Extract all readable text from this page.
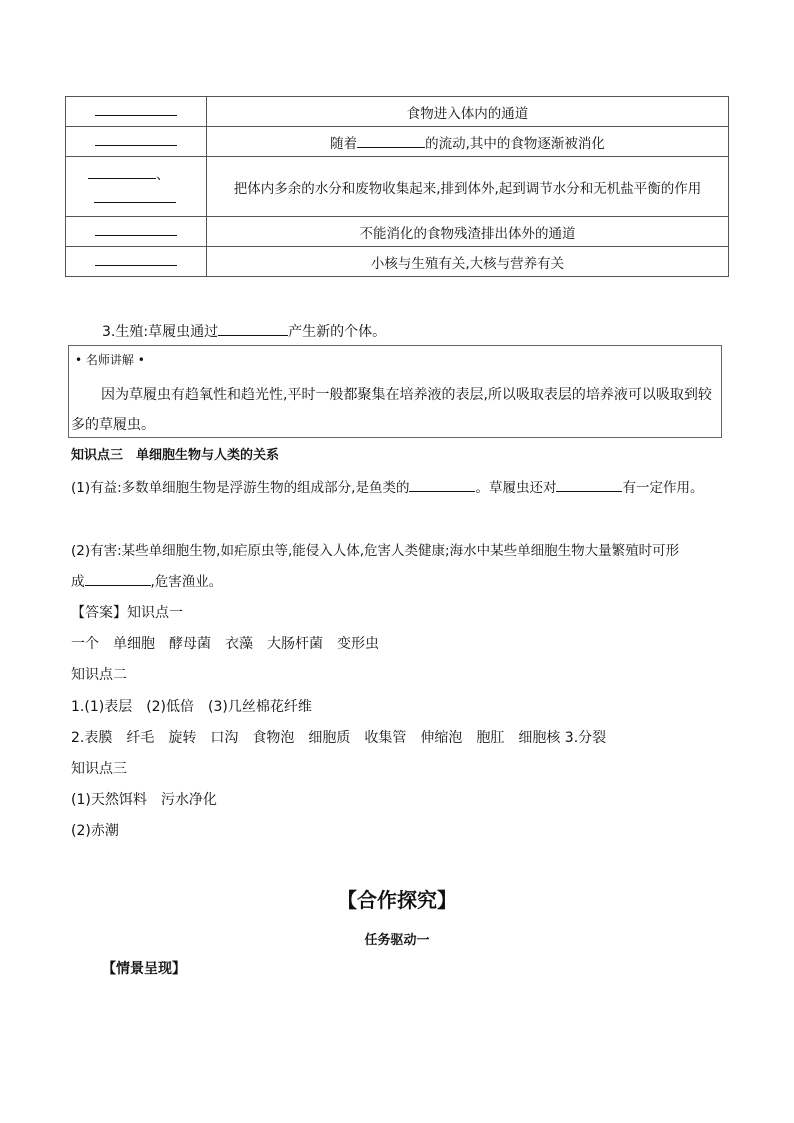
	食物进入体内的通道
	随着 的流动,其中的食物逐渐被消化
、	把体内多余的水分和废物收集起来,排到体外,起到调节水分和无机盐平衡的作用
	不能消化的食物残渣排出体外的通道
	小核与生殖有关,大核与营养有关
3.生殖:草履虫通过	产生新的个体。
• 名师讲解 •
因为草履虫有趋氧性和趋光性,平时一般都聚集在培养液的表层,所以吸取表层的培养液可以吸取到较
多的草履虫。
知识点三　单细胞生物与人类的关系
(1)有益:多数单细胞生物是浮游生物的组成部分,是鱼类的	。草履虫还对	有一定作用。
(2)有害:某些单细胞生物,如疟原虫等,能侵入人体,危害人类健康;海水中某些单细胞生物大量繁殖时可形
成	,危害渔业。
【答案】知识点一
一个　单细胞　酵母菌　衣藻　大肠杆菌　变形虫
知识点二
1.(1)表层　(2)低倍　(3)几丝棉花纤维
2.表膜　纤毛　旋转　口沟　食物泡　细胞质　收集管　伸缩泡　胞肛　细胞核 3.分裂
知识点三
(1)天然饵料　污水净化
(2)赤潮
【合作探究】
任务驱动一
【情景呈现】
